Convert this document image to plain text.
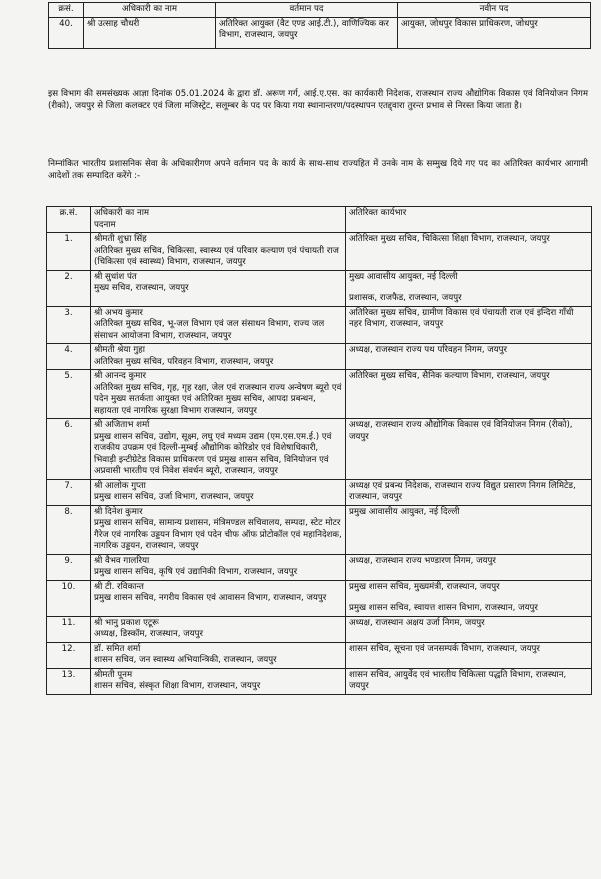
क्रसं.	अधिकारी का नाम	वर्तमान पद	नवीन पद
40.	श्री उत्साह चौधरी	अतिरिक्त आयुक्त (वैट एण्ड आई.टी.), वाणिज्यिक कर विभाग, राजस्थान, जयपुर	आयुक्त, जोधपुर विकास प्राधिकरण, जोधपुर
इस विभाग की समसंख्यक आज्ञा दिनांक 05.01.2024 के द्वारा डॉ. अरूण गर्ग, आई.ए.एस. का कार्यकारी निदेशक, राजस्थान राज्य औद्योगिक विकास एवं विनियोजन निगम (रीको), जयपुर से जिला कलक्टर एवं जिला मजिस्ट्रेट, सलूम्बर के पद पर किया गया स्थानान्तरण/पदस्थापन एतद्द्वारा तुरन्त प्रभाव से निरस्त किया जाता है।
निम्नांकित भारतीय प्रशासनिक सेवा के अधिकारीगण अपने वर्तमान पद के कार्य के साथ-साथ राज्यहित में उनके नाम के सम्मुख दिये गए पद का अतिरिक्त कार्यभार आगामी आदेशों तक सम्पादित करेंगे :-
क्र.सं.	अधिकारी का नाम
पदनाम	अतिरिक्त कार्यभार
1.	श्रीमती शुभ्रा सिंह
अतिरिक्त मुख्य सचिव, चिकित्सा, स्वास्थ्य एवं परिवार कल्याण एवं पंचायती राज (चिकित्सा एवं स्वास्थ्य) विभाग, राजस्थान, जयपुर	अतिरिक्त मुख्य सचिव, चिकित्सा शिक्षा विभाग, राजस्थान, जयपुर

2.	श्री सुधांश पंत
मुख्य सचिव, राजस्थान, जयपुर	मुख्य आवासीय आयुक्त, नई दिल्ली
प्रशासक, राजफैड, राजस्थान, जयपुर

3.	श्री अभय कुमार
अतिरिक्त मुख्य सचिव, भू-जल विभाग एवं जल संसाधन विभाग, राज्य जल संसाधन आयोजना विभाग, राजस्थान, जयपुर	अतिरिक्त मुख्य सचिव, ग्रामीण विकास एवं पंचायती राज एवं इन्दिरा गाँधी नहर विभाग, राजस्थान, जयपुर

4.	श्रीमती श्रेया गुहा
अतिरिक्त मुख्य सचिव, परिवहन विभाग, राजस्थान, जयपुर	अध्यक्ष, राजस्थान राज्य पथ परिवहन निगम, जयपुर

5.	श्री आनन्द कुमार
अतिरिक्त मुख्य सचिव, गृह, गृह रक्षा, जेल एवं राजस्थान राज्य अन्वेषण ब्यूरो एवं पदेन मुख्य सतर्कता आयुक्त एवं अतिरिक्त मुख्य सचिव, आपदा प्रबन्धन, सहायता एवं नागरिक सुरक्षा विभाग राजस्थान, जयपुर	अतिरिक्त मुख्य सचिव, सैनिक कल्याण विभाग, राजस्थान, जयपुर

6.	श्री अजिताभ शर्मा
प्रमुख शासन सचिव, उद्योग, सूक्ष्म, लघु एवं मध्यम उद्यम (एम.एस.एम.ई.) एवं राजकीय उपक्रम एवं दिल्ली-मुम्बई औद्योगिक कोरिडोर एवं विशेषाधिकारी, भिवाड़ी इन्टीग्रेटेड विकास प्राधिकरण एवं प्रमुख शासन सचिव, विनियोजन एवं अप्रवासी भारतीय एवं निवेश संवर्धन ब्यूरो, राजस्थान, जयपुर	अध्यक्ष, राजस्थान राज्य औद्योगिक विकास एवं विनियोजन निगम (रीको), जयपुर

7.	श्री आलोक गुप्ता
प्रमुख शासन सचिव, उर्जा विभाग, राजस्थान, जयपुर	अध्यक्ष एवं प्रबन्ध निदेशक, राजस्थान राज्य विद्युत प्रसारण निगम लिमिटेड, राजस्थान, जयपुर

8.	श्री दिनेश कुमार
प्रमुख शासन सचिव, सामान्य प्रशासन, मंत्रिमण्डल सचिवालय, सम्पदा, स्टेट मोटर गैरेज एवं नागरिक उड्डयन विभाग एवं पदेन चीफ ऑफ प्रोटोकॉल एवं महानिदेशक, नागरिक उड्डयन, राजस्थान, जयपुर	प्रमुख आवासीय आयुक्त, नई दिल्ली

9.	श्री वैभव गालरिया
प्रमुख शासन सचिव, कृषि एवं उद्यानिकी विभाग, राजस्थान, जयपुर	अध्यक्ष, राजस्थान राज्य भण्डारण निगम, जयपुर

10.	श्री टी. रविकान्त
प्रमुख शासन सचिव, नगरीय विकास एवं आवासन विभाग, राजस्थान, जयपुर	प्रमुख शासन सचिव, मुख्यमंत्री, राजस्थान, जयपुर
प्रमुख शासन सचिव, स्वायत्त शासन विभाग, राजस्थान, जयपुर

11.	श्री भानु प्रकाश एटूरू
अध्यक्ष, डिस्कॉम, राजस्थान, जयपुर	अध्यक्ष, राजस्थान अक्षय उर्जा निगम, जयपुर

12.	डॉ. समित शर्मा
शासन सचिव, जन स्वास्थ्य अभियान्त्रिकी, राजस्थान, जयपुर	शासन सचिव, सूचना एवं जनसम्पर्क विभाग, राजस्थान, जयपुर

13.	श्रीमती पूनम
शासन सचिव, संस्कृत शिक्षा विभाग, राजस्थान, जयपुर	शासन सचिव, आयुर्वेद एवं भारतीय चिकित्सा पद्धति विभाग, राजस्थान, जयपुर
